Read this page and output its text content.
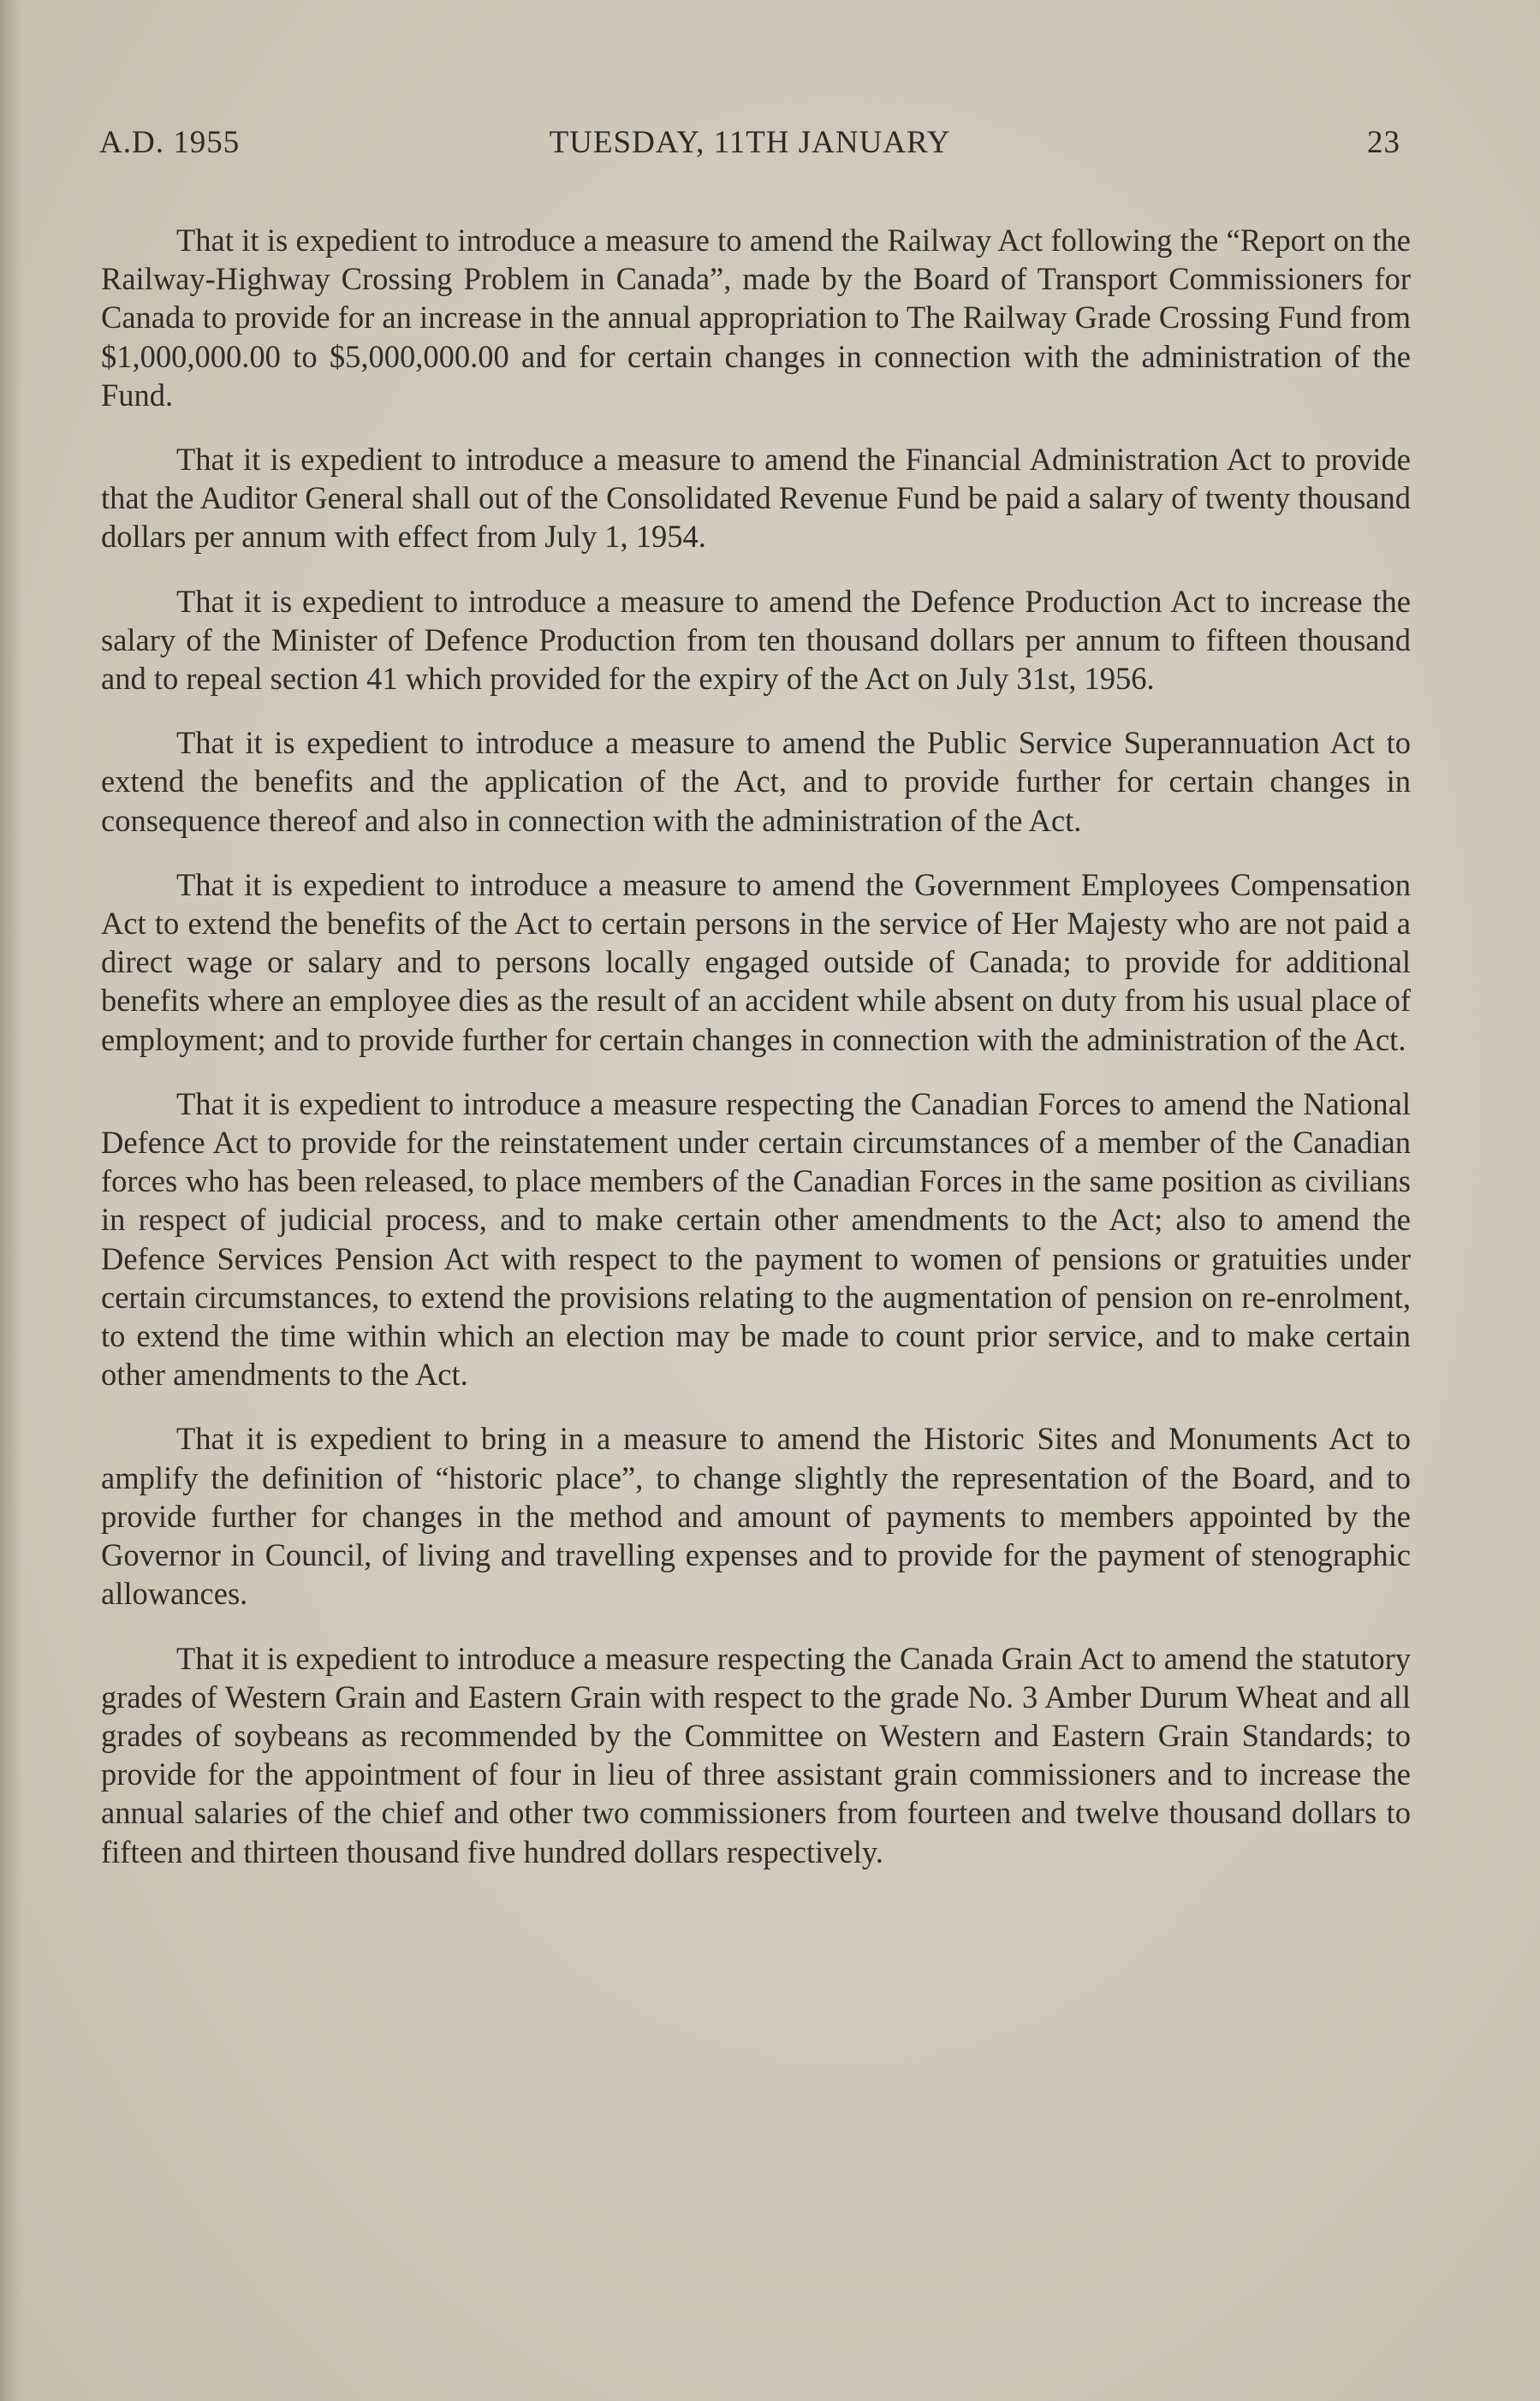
A.D. 1955	TUESDAY, 11TH JANUARY	23

That it is expedient to introduce a measure to amend the Railway Act following the “Report on the Railway-Highway Crossing Problem in Canada”, made by the Board of Transport Commissioners for Canada to provide for an increase in the annual appropriation to The Railway Grade Crossing Fund from $1,000,000.00 to $5,000,000.00 and for certain changes in connection with the administration of the Fund.

That it is expedient to introduce a measure to amend the Financial Administration Act to provide that the Auditor General shall out of the Consolidated Revenue Fund be paid a salary of twenty thousand dollars per annum with effect from July 1, 1954.

That it is expedient to introduce a measure to amend the Defence Production Act to increase the salary of the Minister of Defence Production from ten thousand dollars per annum to fifteen thousand and to repeal section 41 which provided for the expiry of the Act on July 31st, 1956.

That it is expedient to introduce a measure to amend the Public Service Superannuation Act to extend the benefits and the application of the Act, and to provide further for certain changes in consequence thereof and also in connection with the administration of the Act.

That it is expedient to introduce a measure to amend the Government Employees Compensation Act to extend the benefits of the Act to certain persons in the service of Her Majesty who are not paid a direct wage or salary and to persons locally engaged outside of Canada; to provide for additional benefits where an employee dies as the result of an accident while absent on duty from his usual place of employment; and to provide further for certain changes in connection with the administration of the Act.

That it is expedient to introduce a measure respecting the Canadian Forces to amend the National Defence Act to provide for the reinstatement under certain circumstances of a member of the Canadian forces who has been released, to place members of the Canadian Forces in the same position as civilians in respect of judicial process, and to make certain other amendments to the Act; also to amend the Defence Services Pension Act with respect to the payment to women of pensions or gratuities under certain circumstances, to extend the provisions relating to the augmentation of pension on re-enrolment, to extend the time within which an election may be made to count prior service, and to make certain other amendments to the Act.

That it is expedient to bring in a measure to amend the Historic Sites and Monuments Act to amplify the definition of “historic place”, to change slightly the representation of the Board, and to provide further for changes in the method and amount of payments to members appointed by the Governor in Council, of living and travelling expenses and to provide for the payment of stenographic allowances.

That it is expedient to introduce a measure respecting the Canada Grain Act to amend the statutory grades of Western Grain and Eastern Grain with respect to the grade No. 3 Amber Durum Wheat and all grades of soybeans as recommended by the Committee on Western and Eastern Grain Standards; to provide for the appointment of four in lieu of three assistant grain commissioners and to increase the annual salaries of the chief and other two commissioners from fourteen and twelve thousand dollars to fifteen and thirteen thousand five hundred dollars respectively.
